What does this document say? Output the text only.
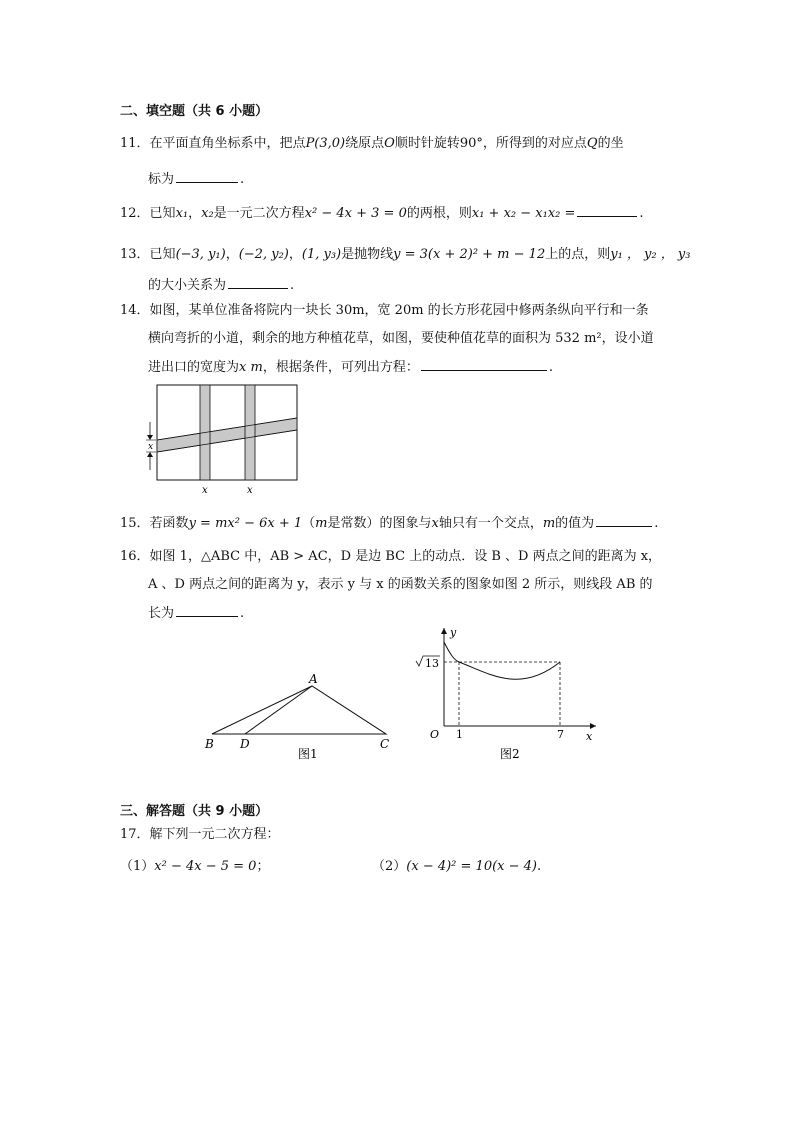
二、填空题（共 6 小题）
11．在平面直角坐标系中，把点P(3,0)绕原点O顺时针旋转90°，所得到的对应点Q的坐
标为	.
12．已知x₁，x₂是一元二次方程x² − 4x + 3 = 0的两根，则x₁ + x₂ − x₁x₂ =	.
13．已知(−3, y₁)，(−2, y₂)，(1, y₃)是抛物线y = 3(x + 2)² + m − 12上的点，则y₁ ， y₂ ， y₃
的大小关系为	.
14．如图，某单位准备将院内一块长 30m，宽 20m 的长方形花园中修两条纵向平行和一条
横向弯折的小道，剩余的地方种植花草，如图，要使种值花草的面积为 532 m²，设小道
进出口的宽度为x m，根据条件，可列出方程：	.
x
x	x
15．若函数y = mx² − 6x + 1（m是常数）的图象与x轴只有一个交点，m的值为	.
16．如图 1，△ABC 中，AB > AC，D 是边 BC 上的动点．设 B 、D 两点之间的距离为 x，
A 、D 两点之间的距离为 y，表示 y 与 x 的函数关系的图象如图 2 所示，则线段 AB 的
长为	.
A
B D	C
图1
y
x
O 1	7
13
图2
三、解答题（共 9 小题）
17．解下列一元二次方程：
（1）x² − 4x − 5 = 0；	（2）(x − 4)² = 10(x − 4).
